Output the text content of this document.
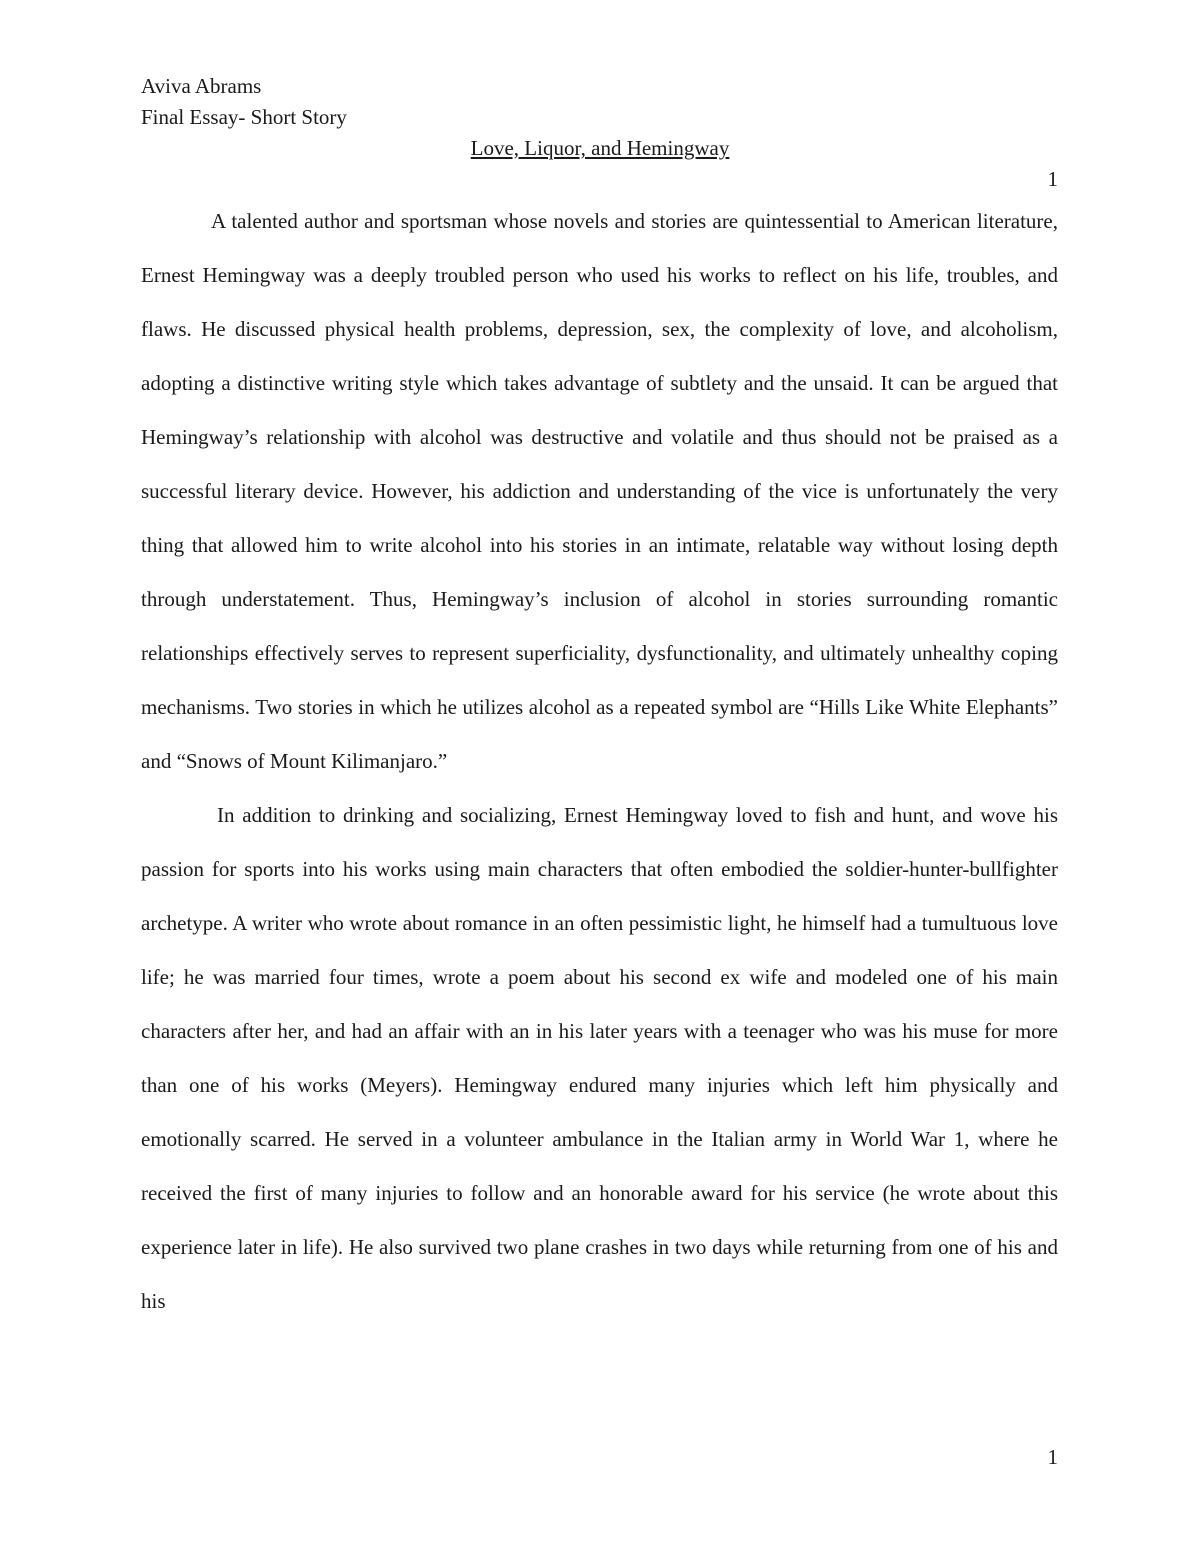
Aviva Abrams
Final Essay- Short Story
Love, Liquor, and Hemingway
1

A talented author and sportsman whose novels and stories are quintessential to American literature, Ernest Hemingway was a deeply troubled person who used his works to reflect on his life, troubles, and flaws. He discussed physical health problems, depression, sex, the complexity of love, and alcoholism, adopting a distinctive writing style which takes advantage of subtlety and the unsaid. It can be argued that Hemingway’s relationship with alcohol was destructive and volatile and thus should not be praised as a successful literary device. However, his addiction and understanding of the vice is unfortunately the very thing that allowed him to write alcohol into his stories in an intimate, relatable way without losing depth through understatement. Thus, Hemingway’s inclusion of alcohol in stories surrounding romantic relationships effectively serves to represent superficiality, dysfunctionality, and ultimately unhealthy coping mechanisms. Two stories in which he utilizes alcohol as a repeated symbol are “Hills Like White Elephants” and “Snows of Mount Kilimanjaro.”

In addition to drinking and socializing, Ernest Hemingway loved to fish and hunt, and wove his passion for sports into his works using main characters that often embodied the soldier-hunter-bullfighter archetype. A writer who wrote about romance in an often pessimistic light, he himself had a tumultuous love life; he was married four times, wrote a poem about his second ex wife and modeled one of his main characters after her, and had an affair with an in his later years with a teenager who was his muse for more than one of his works (Meyers). Hemingway endured many injuries which left him physically and emotionally scarred. He served in a volunteer ambulance in the Italian army in World War 1, where he received the first of many injuries to follow and an honorable award for his service (he wrote about this experience later in life). He also survived two plane crashes in two days while returning from one of his and his

1
